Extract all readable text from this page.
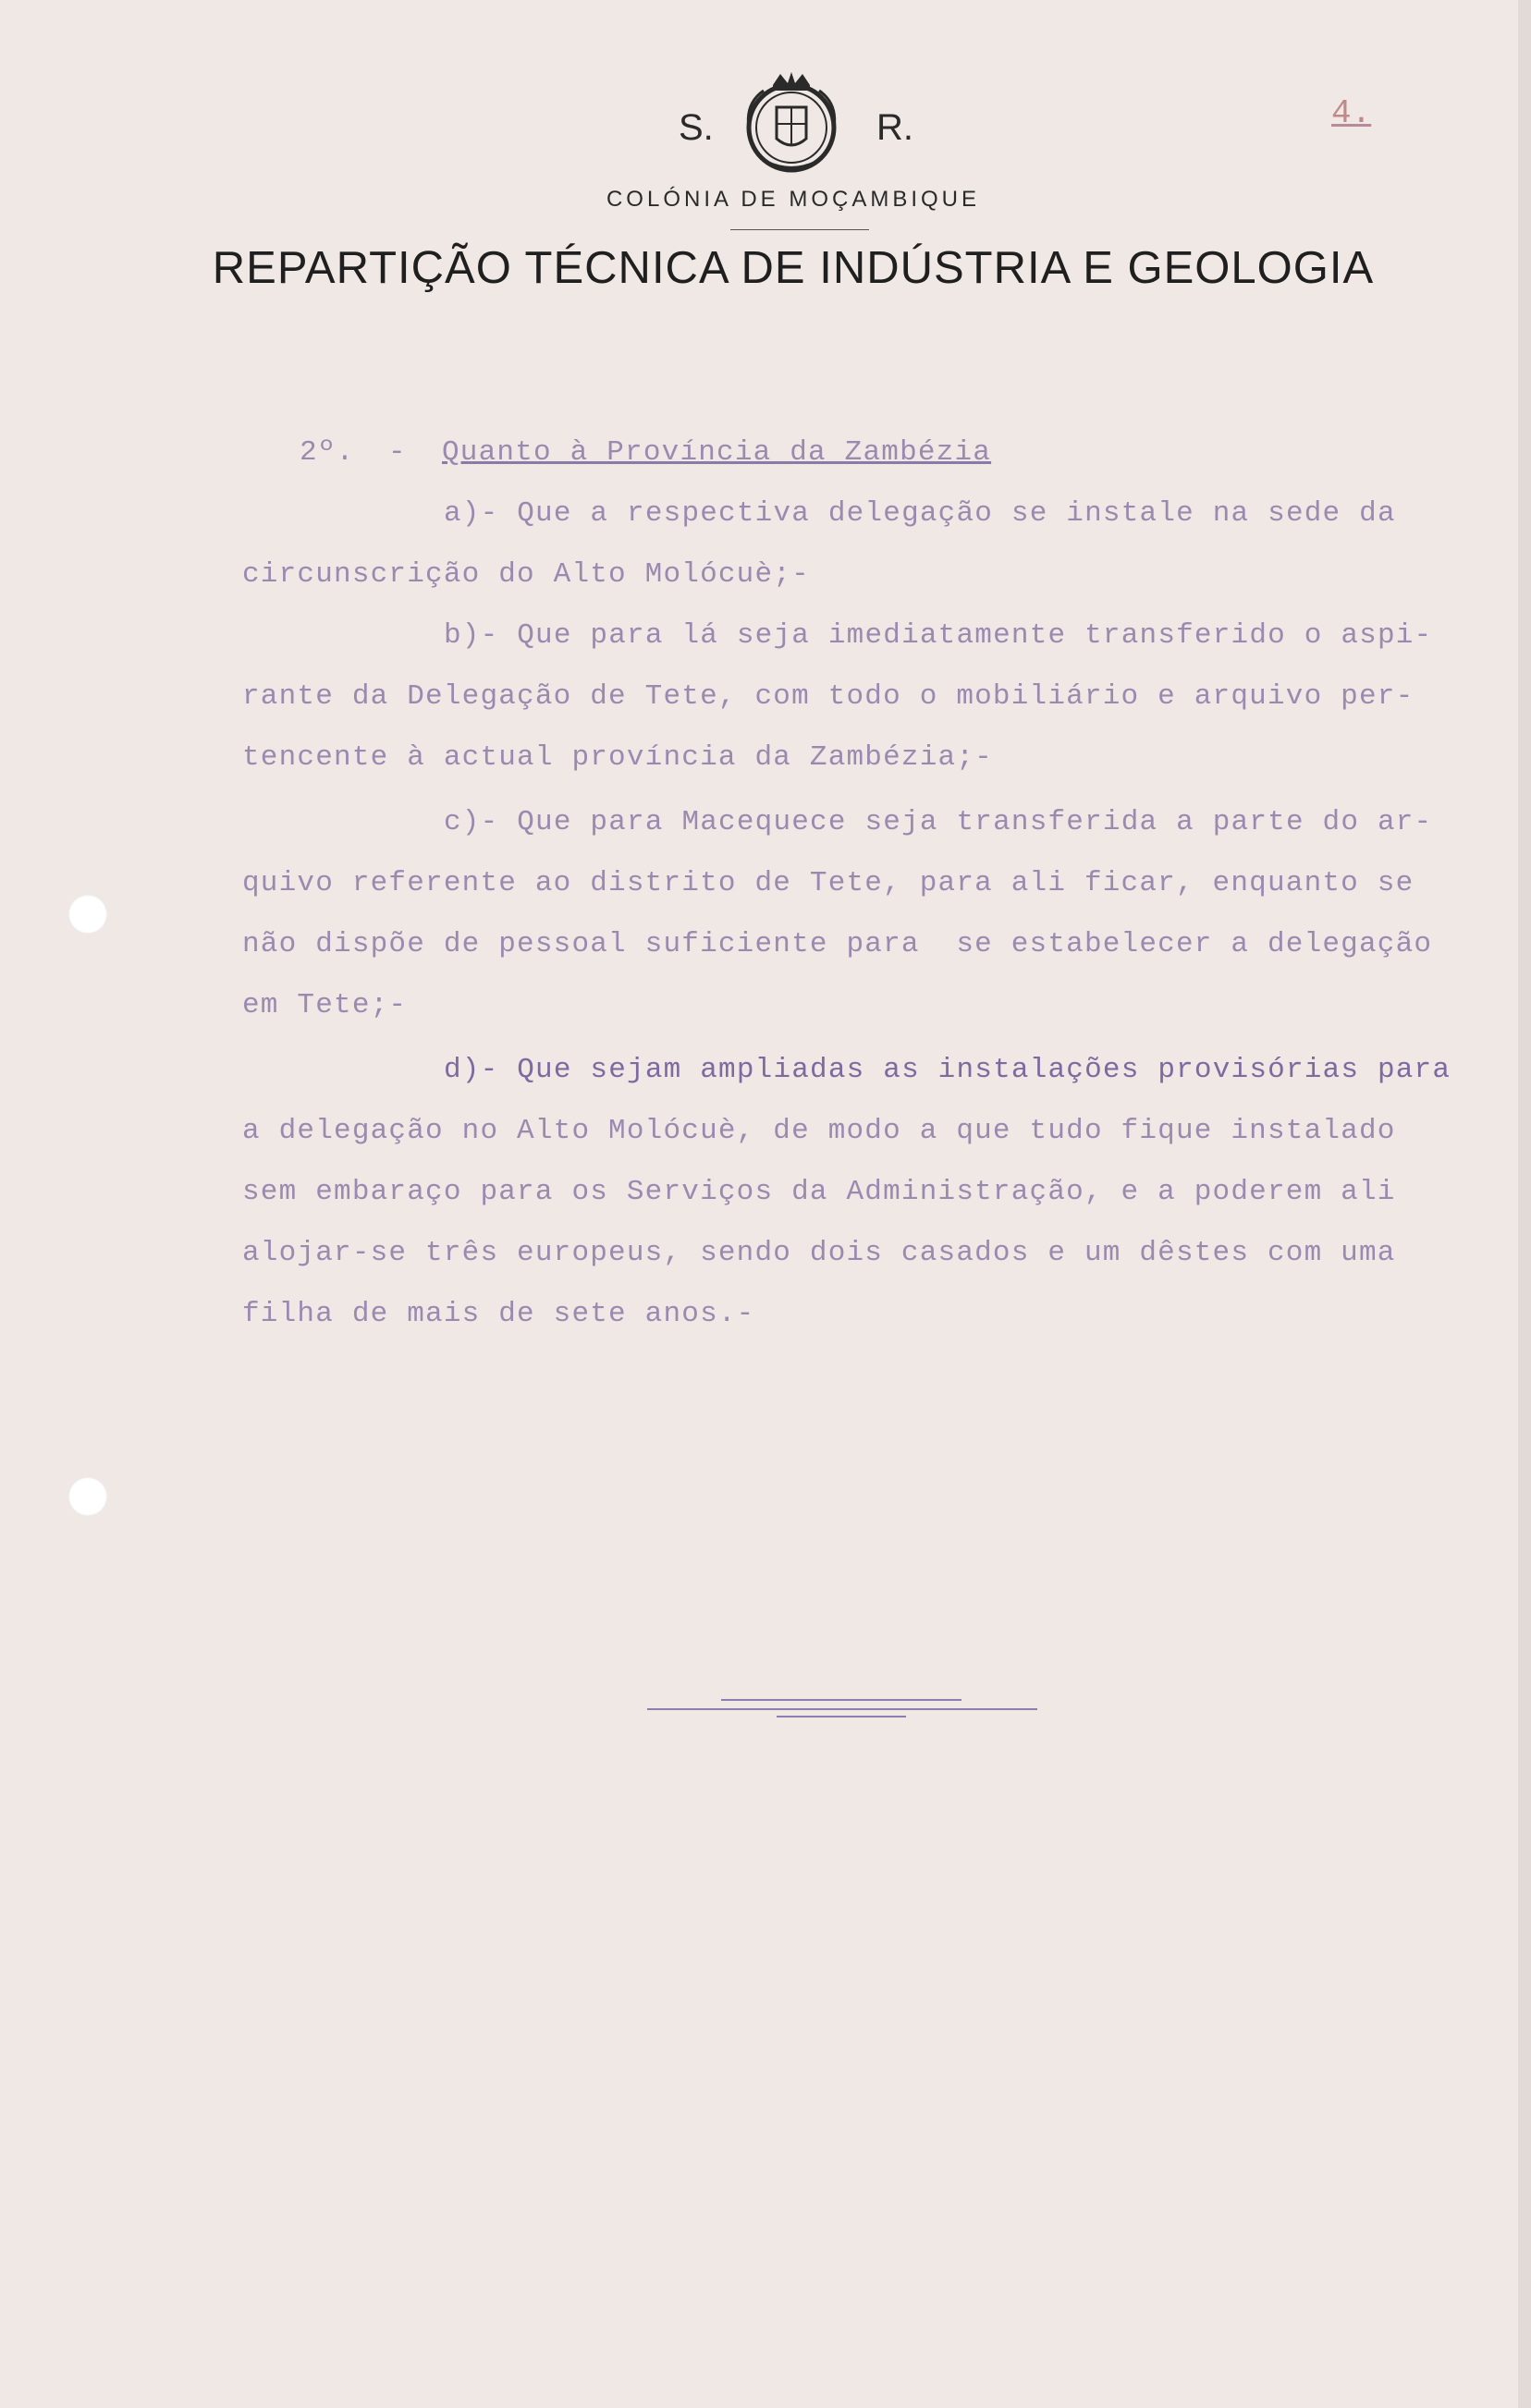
S.	R.	4.
COLÓNIA DE MOÇAMBIQUE
REPARTIÇÃO TÉCNICA DE INDÚSTRIA E GEOLOGIA
2º. - Quanto à Província da Zambézia
a)- Que a respectiva delegação se instale na sede da
circunscrição do Alto Molócuè;-
b)- Que para lá seja imediatamente transferido o aspi-
rante da Delegação de Tete, com todo o mobiliário e arquivo per-
tencente à actual província da Zambézia;-
c)- Que para Macequece seja transferida a parte do ar-
quivo referente ao distrito de Tete, para ali ficar, enquanto se
não dispõe de pessoal suficiente para  se estabelecer a delegação
em Tete;-
d)- Que sejam ampliadas as instalações provisórias para
a delegação no Alto Molócuè, de modo a que tudo fique instalado
sem embaraço para os Serviços da Administração, e a poderem ali
alojar-se três europeus, sendo dois casados e um dêstes com uma
filha de mais de sete anos.-
